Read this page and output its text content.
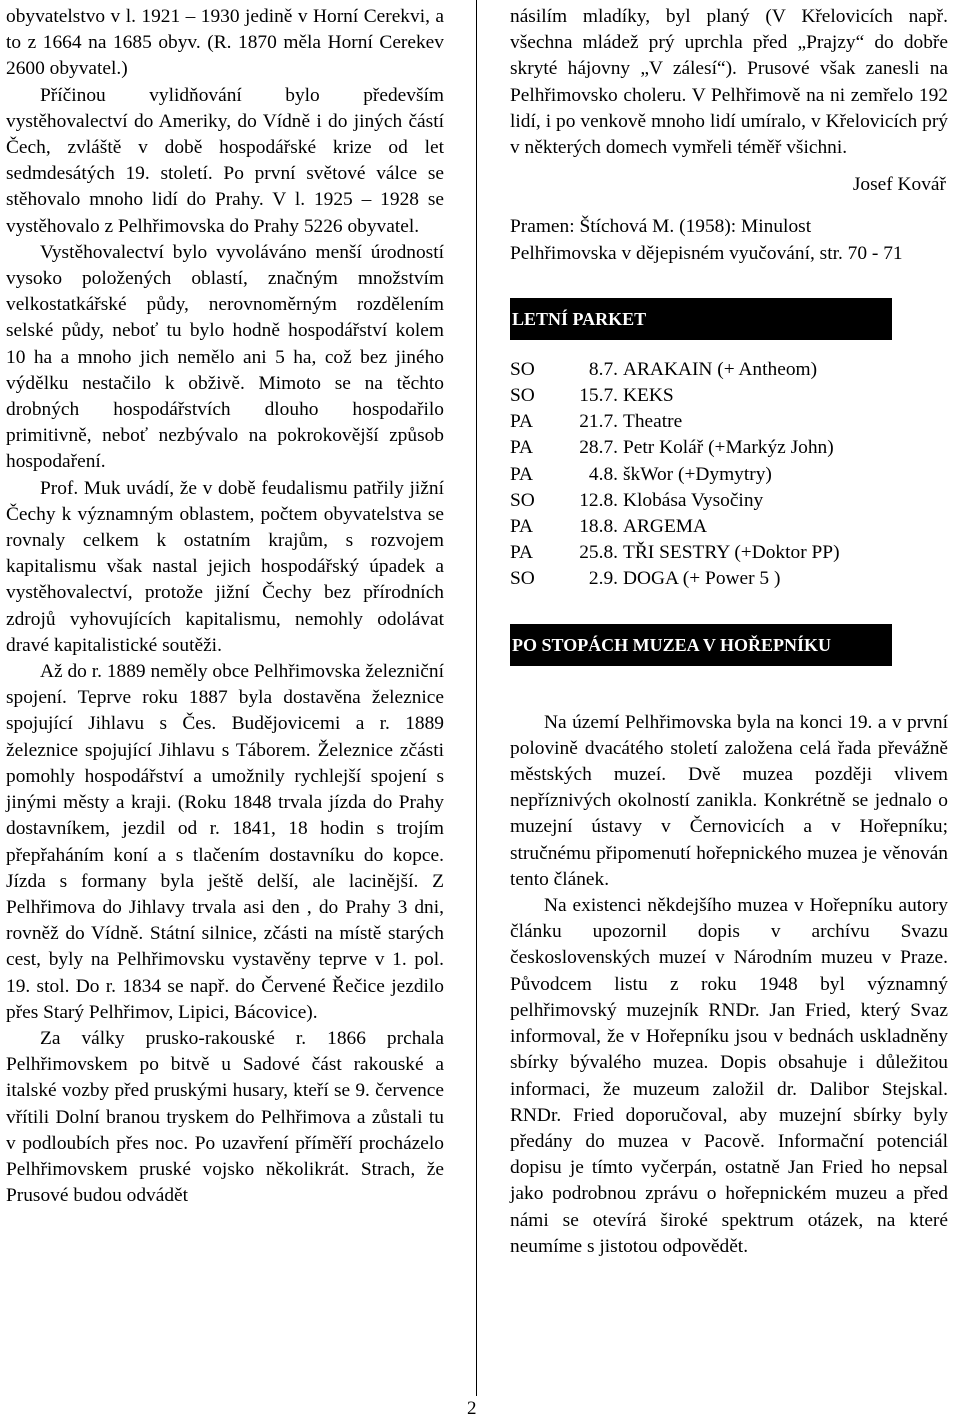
obyvatelstvo v l. 1921 – 1930 jedině v Horní Cerekvi, a to z 1664 na 1685 obyv. (R. 1870 měla Horní Cerekev 2600 obyvatel.)

Příčinou vylidňování bylo především vystěhovalectví do Ameriky, do Vídně i do jiných částí Čech, zvláště v době hospodářské krize od let sedmdesátých 19. století. Po první světové válce se stěhovalo mnoho lidí do Prahy. V l. 1925 – 1928 se vystěhovalo z Pelhřimovska do Prahy 5226 obyvatel.

Vystěhovalectví bylo vyvoláváno menší úrodností vysoko položených oblastí, značným množstvím velkostatkářské půdy, nerovnoměrným rozdělením selské půdy, neboť tu bylo hodně hospodářství kolem 10 ha a mnoho jich nemělo ani 5 ha, což bez jiného výdělku nestačilo k obživě. Mimoto se na těchto drobných hospodářstvích dlouho hospodařilo primitivně, neboť nezbývalo na pokrokovější způsob hospodaření.

Prof. Muk uvádí, že v době feudalismu patřily jižní Čechy k významným oblastem, počtem obyvatelstva se rovnaly celkem k ostatním krajům, s rozvojem kapitalismu však nastal jejich hospodářský úpadek a vystěhovalectví, protože jižní Čechy bez přírodních zdrojů vyhovujících kapitalismu, nemohly odolávat dravé kapitalistické soutěži.

Až do r. 1889 neměly obce Pelhřimovska železniční spojení. Teprve roku 1887 byla dostavěna železnice spojující Jihlavu s Čes. Budějovicemi a r. 1889 železnice spojující Jihlavu s Táborem. Železnice zčásti pomohly hospodářství a umožnily rychlejší spojení s jinými městy a kraji. (Roku 1848 trvala jízda do Prahy dostavníkem, jezdil od r. 1841, 18 hodin s trojím přepřaháním koní a s tlačením dostavníku do kopce. Jízda s formany byla ještě delší, ale lacinější. Z Pelhřimova do Jihlavy trvala asi den , do Prahy 3 dni, rovněž do Vídně. Státní silnice, zčásti na místě starých cest, byly na Pelhřimovsku vystavěny teprve v 1. pol. 19. stol. Do r. 1834 se např. do Červené Řečice jezdilo přes Starý Pelhřimov, Lipici, Bácovice).

Za války prusko-rakouské r. 1866 prchala Pelhřimovskem po bitvě u Sadové část rakouské a italské vozby před pruskými husary, kteří se 9. července vřítili Dolní branou tryskem do Pelhřimova a zůstali tu v podloubích přes noc. Po uzavření příměří procházelo Pelhřimovskem pruské vojsko několikrát. Strach, že Prusové budou odvádět

násilím mladíky, byl planý (V Křelovicích např. všechna mládež prý uprchla před „Prajzy“ do dobře skryté hájovny „V zálesí“). Prusové však zanesli na Pelhřimovsko choleru. V Pelhřimově na ni zemřelo 192 lidí, i po venkově mnoho lidí umíralo, v Křelovicích prý v některých domech vymřeli téměř všichni.

Josef Kovář

Pramen: Štíchová M. (1958): Minulost
Pelhřimovska v dějepisném vyučování, str. 70 - 71
LETNÍ PARKET
SO	8.7.	ARAKAIN (+ Antheom)
SO	15.7.	KEKS
PA	21.7.	Theatre
PA	28.7.	Petr Kolář (+Markýz John)
PA	4.8.	škWor (+Dymytry)
SO	12.8.	Klobása Vysočiny
PA	18.8.	ARGEMA
PA	25.8.	TŘI SESTRY (+Doktor PP)
SO	2.9.	DOGA (+ Power 5 )
PO STOPÁCH MUZEA V HOŘEPNÍKU

Na území Pelhřimovska byla na konci 19. a v první polovině dvacátého století založena celá řada převážně městských muzeí. Dvě muzea později vlivem nepříznivých okolností zanikla. Konkrétně se jednalo o muzejní ústavy v Černovicích a v Hořepníku; stručnému připomenutí hořepnického muzea je věnován tento článek.

Na existenci někdejšího muzea v Hořepníku autory článku upozornil dopis v archívu Svazu československých muzeí v Národním muzeu v Praze. Původcem listu z roku 1948 byl významný pelhřimovský muzejník RNDr. Jan Fried, který Svaz informoval, že v Hořepníku jsou v bednách uskladněny sbírky bývalého muzea. Dopis obsahuje i důležitou informaci, že muzeum založil dr. Dalibor Stejskal. RNDr. Fried doporučoval, aby muzejní sbírky byly předány do muzea v Pacově. Informační potenciál dopisu je tímto vyčerpán, ostatně Jan Fried ho nepsal jako podrobnou zprávu o hořepnickém muzeu a před námi se otevírá široké spektrum otázek, na které neumíme s jistotou odpovědět.

2
